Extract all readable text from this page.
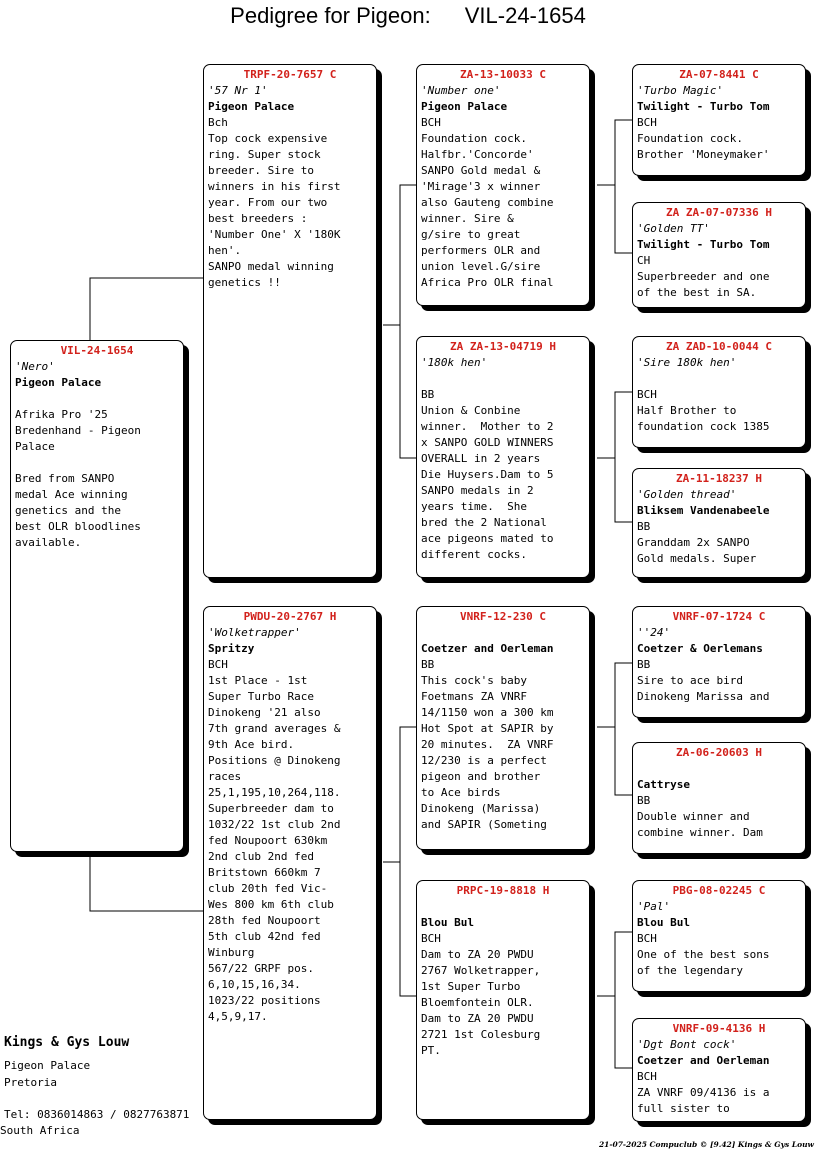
Pedigree for Pigeon: VIL-24-1654
VIL-24-1654
'Nero'
Pigeon Palace

Afrika Pro '25
Bredenhand - Pigeon
Palace

Bred from SANPO
medal Ace winning
genetics and the
best OLR bloodlines
available.
TRPF-20-7657 C
'57 Nr 1'
Pigeon Palace
Bch
Top cock expensive
ring. Super stock
breeder. Sire to
winners in his first
year. From our two
best breeders :
'Number One' X '180K
hen'.
SANPO medal winning
genetics !!
PWDU-20-2767 H
'Wolketrapper'
Spritzy
BCH
1st Place - 1st
Super Turbo Race
Dinokeng '21 also
7th grand averages &
9th Ace bird.
Positions @ Dinokeng
races
25,1,195,10,264,118.
Superbreeder dam to
1032/22 1st club 2nd
fed Noupoort 630km
2nd club 2nd fed
Britstown 660km 7
club 20th fed Vic-
Wes 800 km 6th club
28th fed Noupoort
5th club 42nd fed
Winburg
567/22 GRPF pos.
6,10,15,16,34.
1023/22 positions
4,5,9,17.
ZA-13-10033 C
'Number one'
Pigeon Palace
BCH
Foundation cock.
Halfbr.'Concorde'
SANPO Gold medal &
'Mirage'3 x winner
also Gauteng combine
winner. Sire &
g/sire to great
performers OLR and
union level.G/sire
Africa Pro OLR final
ZA ZA-13-04719 H
'180k hen'
BB
Union & Conbine
winner.  Mother to 2
x SANPO GOLD WINNERS
OVERALL in 2 years
Die Huysers.Dam to 5
SANPO medals in 2
years time.  She
bred the 2 National
ace pigeons mated to
different cocks.
VNRF-12-230 C
Coetzer and Oerleman
BB
This cock's baby
Foetmans ZA VNRF
14/1150 won a 300 km
Hot Spot at SAPIR by
20 minutes.  ZA VNRF
12/230 is a perfect
pigeon and brother
to Ace birds
Dinokeng (Marissa)
and SAPIR (Someting
PRPC-19-8818 H
Blou Bul
BCH
Dam to ZA 20 PWDU
2767 Wolketrapper,
1st Super Turbo
Bloemfontein OLR.
Dam to ZA 20 PWDU
2721 1st Colesburg
PT.
ZA-07-8441 C
'Turbo Magic'
Twilight - Turbo Tom
BCH
Foundation cock.
Brother 'Moneymaker'
ZA ZA-07-07336 H
'Golden TT'
Twilight - Turbo Tom
CH
Superbreeder and one
of the best in SA.
ZA ZAD-10-0044 C
'Sire 180k hen'
BCH
Half Brother to
foundation cock 1385
ZA-11-18237 H
'Golden thread'
Bliksem Vandenabeele
BB
Granddam 2x SANPO
Gold medals. Super
VNRF-07-1724 C
''24'
Coetzer & Oerlemans
BB
Sire to ace bird
Dinokeng Marissa and
ZA-06-20603 H
Cattryse
BB
Double winner and
combine winner. Dam
PBG-08-02245 C
'Pal'
Blou Bul
BCH
One of the best sons
of the legendary
VNRF-09-4136 H
'Dgt Bont cock'
Coetzer and Oerleman
BCH
ZA VNRF 09/4136 is a
full sister to
Kings & Gys Louw
Pigeon Palace
Pretoria
Tel: 0836014863 / 0827763871
South Africa
21-07-2025 Compuclub © [9.42] Kings & Gys Louw
